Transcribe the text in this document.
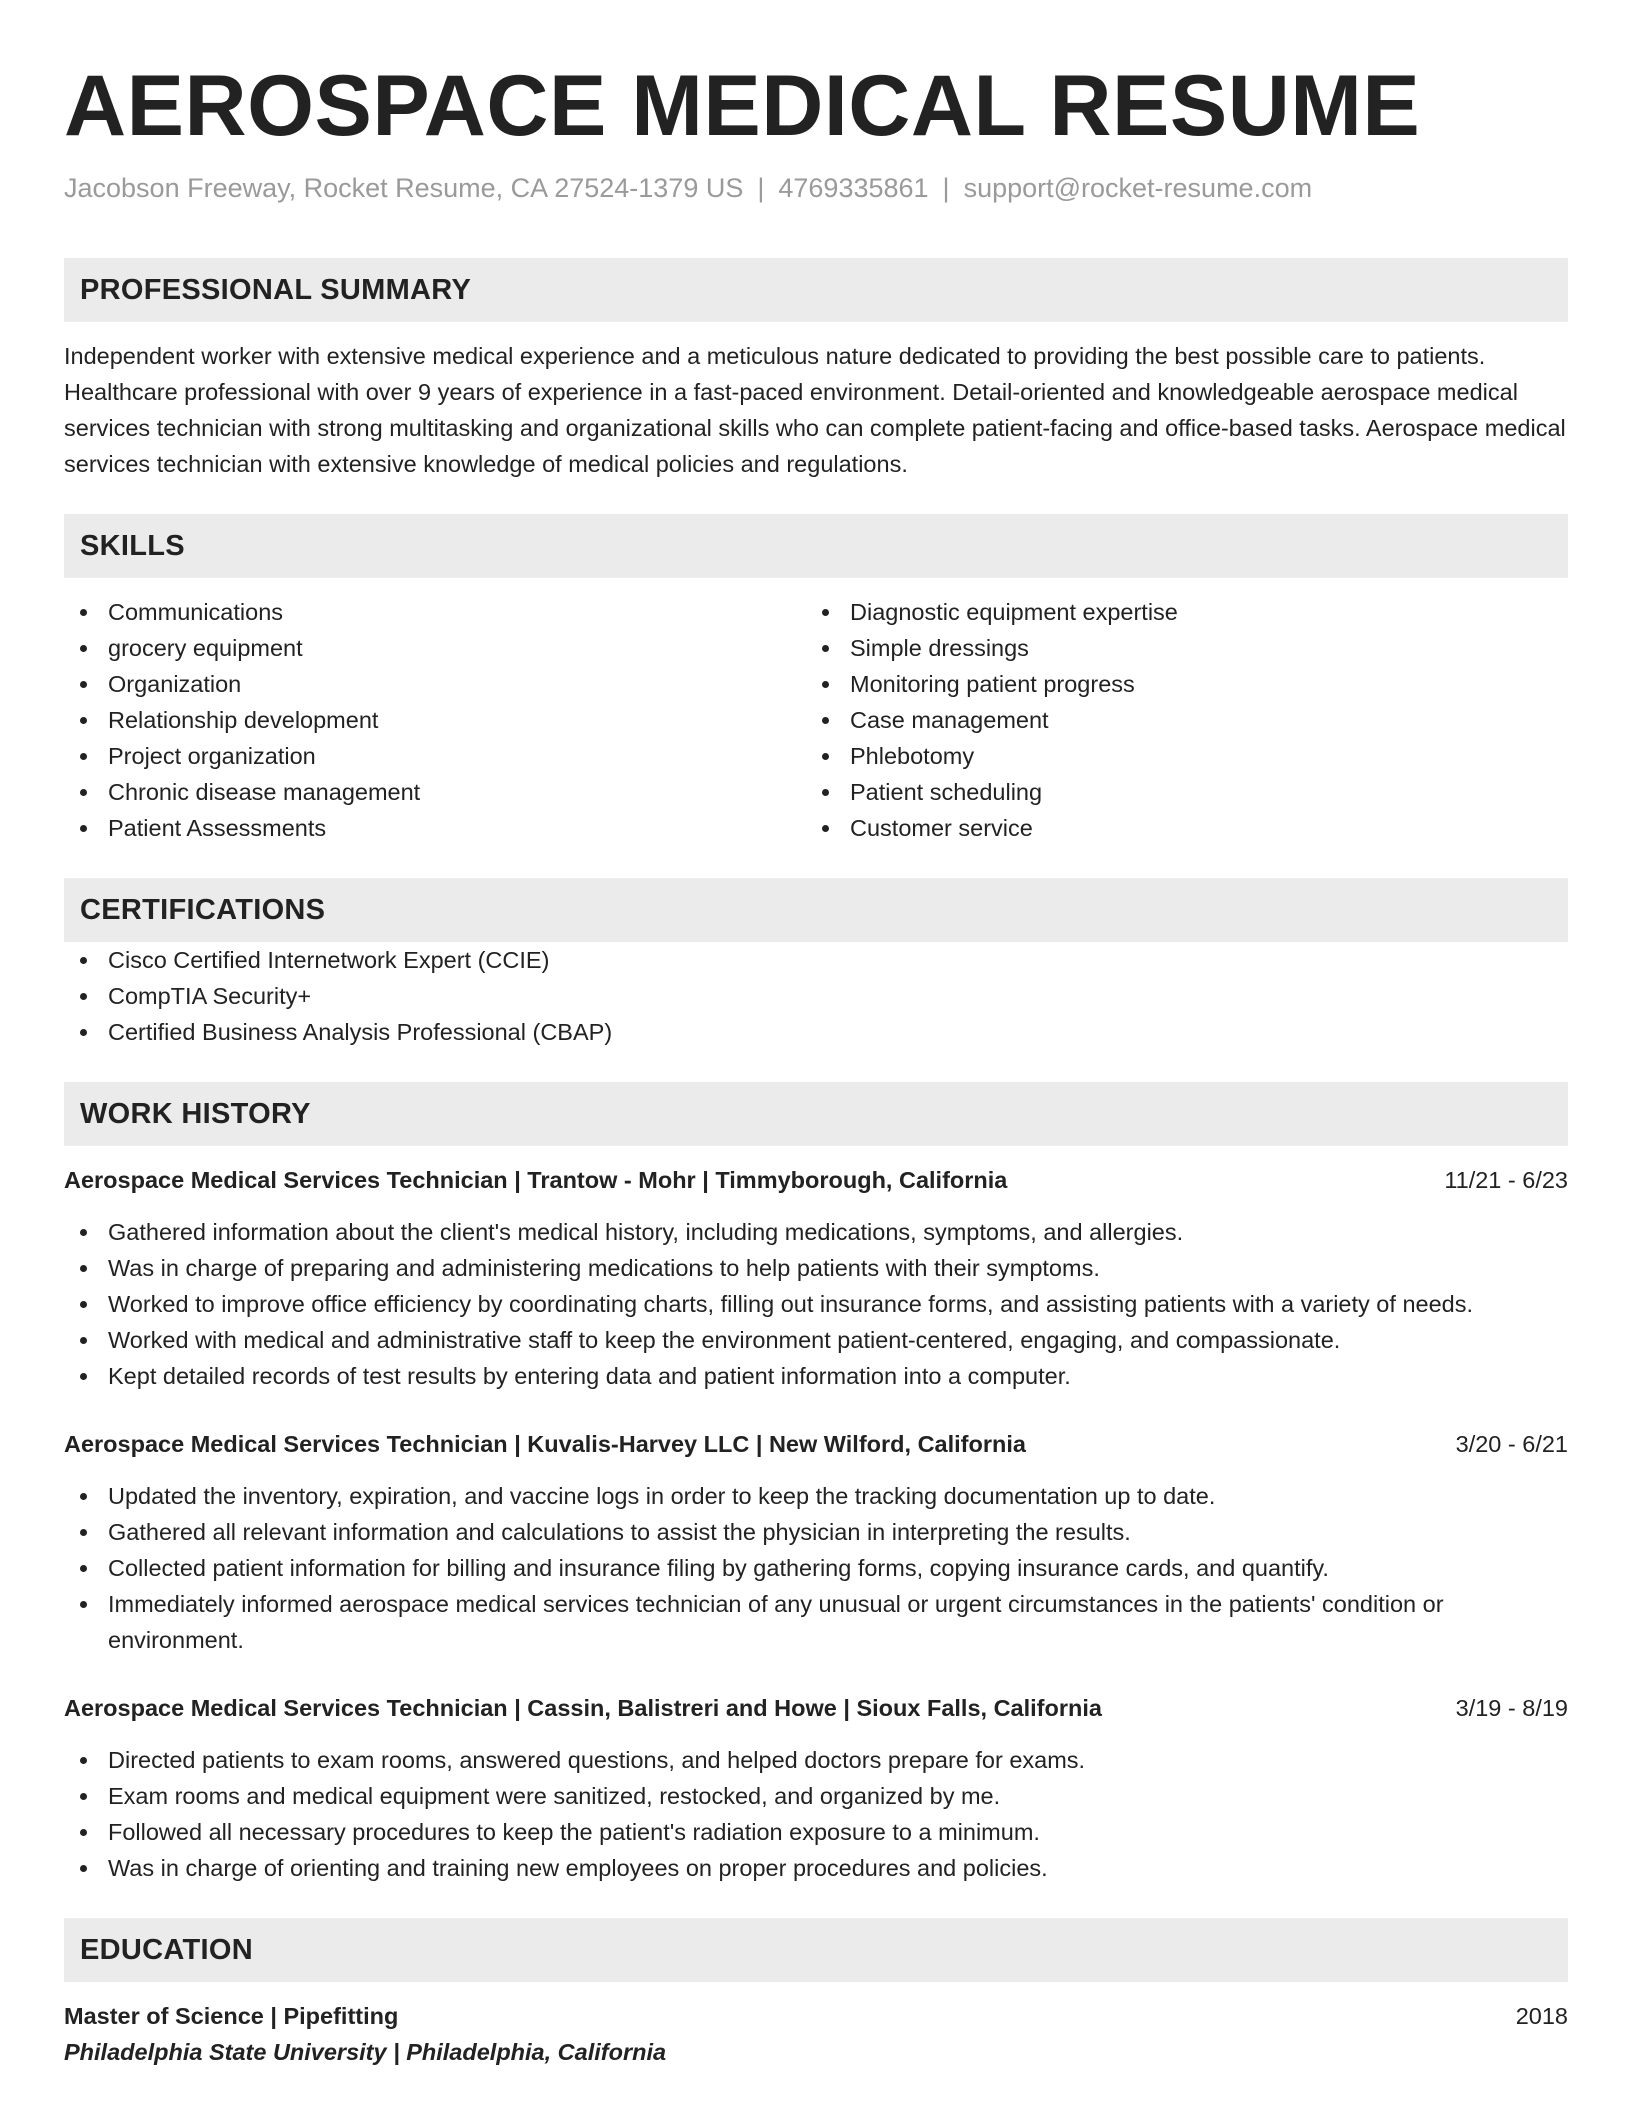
AEROSPACE MEDICAL RESUME
Jacobson Freeway, Rocket Resume, CA 27524-1379 US | 4769335861 | support@rocket-resume.com
PROFESSIONAL SUMMARY
Independent worker with extensive medical experience and a meticulous nature dedicated to providing the best possible care to patients. Healthcare professional with over 9 years of experience in a fast-paced environment. Detail-oriented and knowledgeable aerospace medical services technician with strong multitasking and organizational skills who can complete patient-facing and office-based tasks. Aerospace medical services technician with extensive knowledge of medical policies and regulations.
SKILLS
Communications
grocery equipment
Organization
Relationship development
Project organization
Chronic disease management
Patient Assessments
Diagnostic equipment expertise
Simple dressings
Monitoring patient progress
Case management
Phlebotomy
Patient scheduling
Customer service
CERTIFICATIONS
Cisco Certified Internetwork Expert (CCIE)
CompTIA Security+
Certified Business Analysis Professional (CBAP)
WORK HISTORY
Aerospace Medical Services Technician | Trantow - Mohr | Timmyborough, California	11/21 - 6/23
Gathered information about the client's medical history, including medications, symptoms, and allergies.
Was in charge of preparing and administering medications to help patients with their symptoms.
Worked to improve office efficiency by coordinating charts, filling out insurance forms, and assisting patients with a variety of needs.
Worked with medical and administrative staff to keep the environment patient-centered, engaging, and compassionate.
Kept detailed records of test results by entering data and patient information into a computer.
Aerospace Medical Services Technician | Kuvalis-Harvey LLC | New Wilford, California	3/20 - 6/21
Updated the inventory, expiration, and vaccine logs in order to keep the tracking documentation up to date.
Gathered all relevant information and calculations to assist the physician in interpreting the results.
Collected patient information for billing and insurance filing by gathering forms, copying insurance cards, and quantify.
Immediately informed aerospace medical services technician of any unusual or urgent circumstances in the patients' condition or environment.
Aerospace Medical Services Technician | Cassin, Balistreri and Howe | Sioux Falls, California	3/19 - 8/19
Directed patients to exam rooms, answered questions, and helped doctors prepare for exams.
Exam rooms and medical equipment were sanitized, restocked, and organized by me.
Followed all necessary procedures to keep the patient's radiation exposure to a minimum.
Was in charge of orienting and training new employees on proper procedures and policies.
EDUCATION
Master of Science | Pipefitting	2018
Philadelphia State University | Philadelphia, California
